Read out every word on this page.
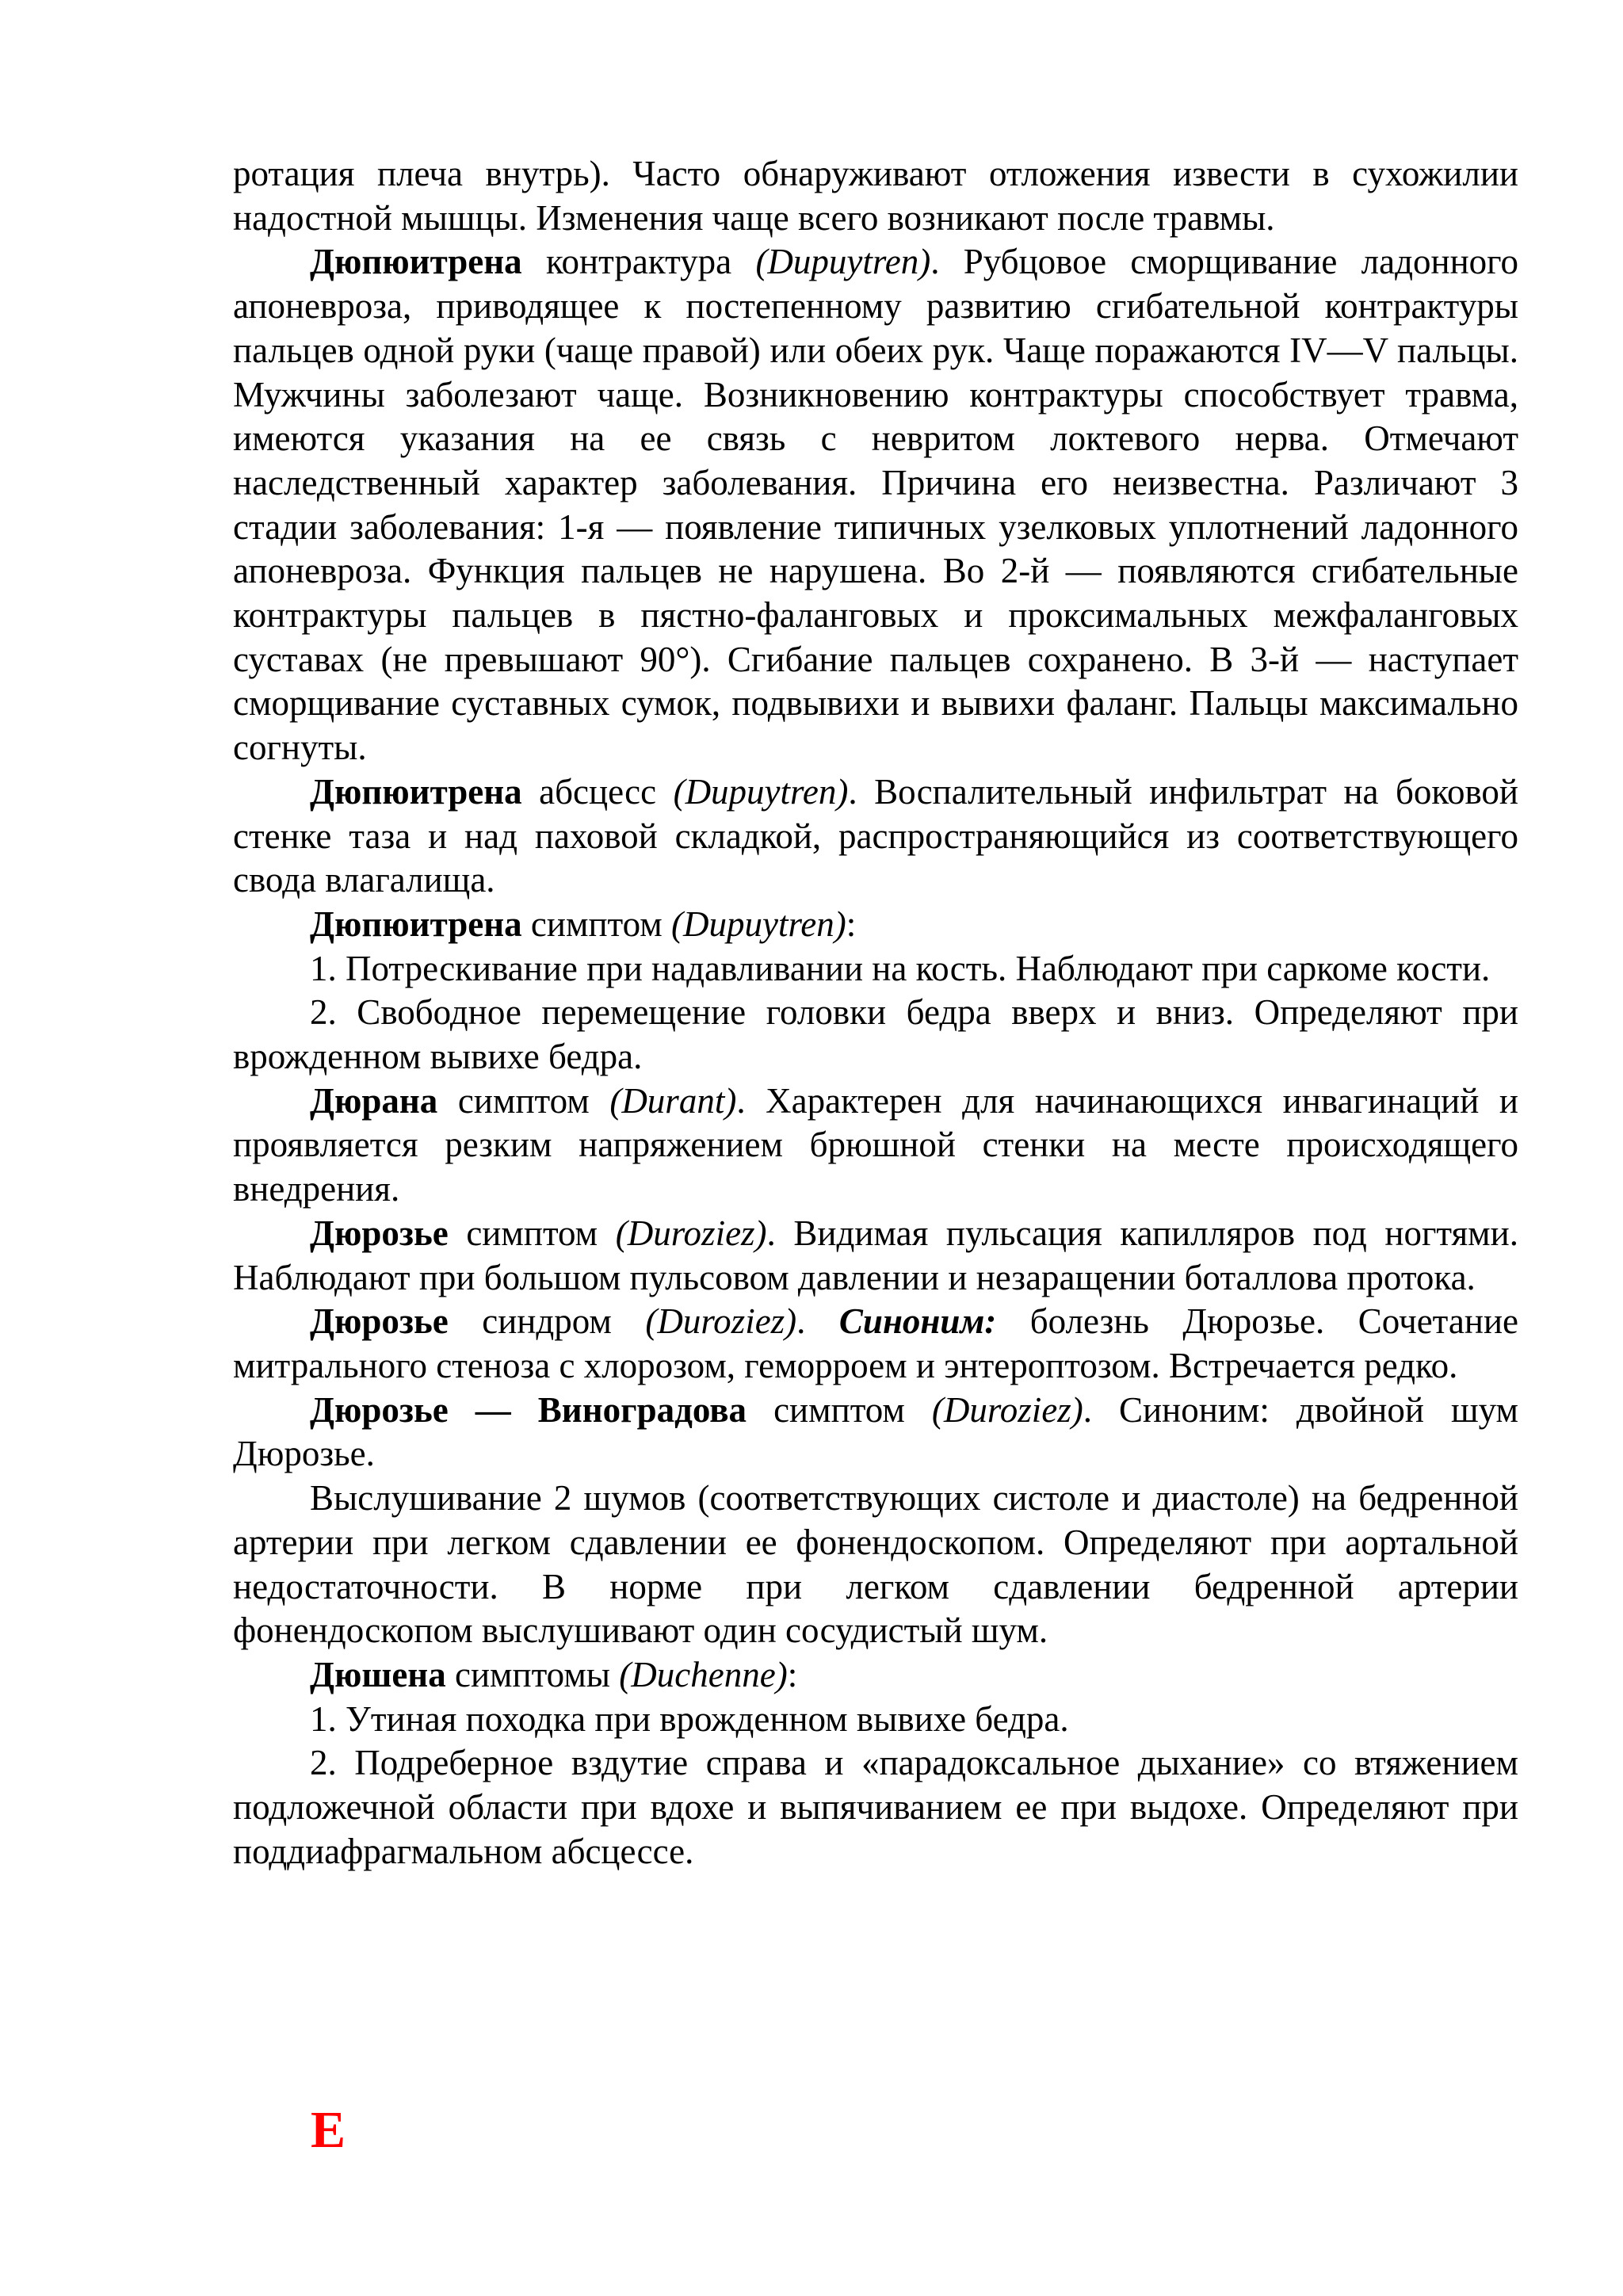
ротация плеча внутрь). Часто обнаруживают отложения извести в сухожилии надостной мышцы. Изменения чаще всего возникают после травмы.

Дюпюитрена контрактура (Dupuytren). Рубцовое сморщивание ладонного апоневроза, приводящее к постепенному развитию сгибательной контрактуры пальцев одной руки (чаще правой) или обеих рук. Чаще поражаются IV—V пальцы. Мужчины заболезают чаще. Возникновению контрактуры способствует травма, имеются указания на ее связь с невритом локтевого нерва. Отмечают наследственный характер заболевания. Причина его неизвестна. Различают 3 стадии заболевания: 1-я — появление типичных узелковых уплотнений ладонного апоневроза. Функция пальцев не нарушена. Во 2-й — появляются сгибательные контрактуры пальцев в пястно-фаланговых и проксимальных межфаланговых суставах (не превышают 90°). Сгибание пальцев сохранено. В 3-й — наступает сморщивание суставных сумок, подвывихи и вывихи фаланг. Пальцы максимально согнуты.

Дюпюитрена абсцесс (Dupuytren). Воспалительный инфильтрат на боковой стенке таза и над паховой складкой, распространяющийся из соответствующего свода влагалища.

Дюпюитрена симптом (Dupuytren):

1. Потрескивание при надавливании на кость. Наблюдают при саркоме кости.

2. Свободное перемещение головки бедра вверх и вниз. Определяют при врожденном вывихе бедра.

Дюрана симптом (Durant). Характерен для начинающихся инвагинаций и проявляется резким напряжением брюшной стенки на месте происходящего внедрения.

Дюрозье симптом (Duroziez). Видимая пульсация капилляров под ногтями. Наблюдают при большом пульсовом давлении и незаращении боталлова протока.

Дюрозье синдром (Duroziez). Синоним: болезнь Дюрозье. Сочетание митрального стеноза с хлорозом, геморроем и энтероптозом. Встречается редко.

Дюрозье — Виноградова симптом (Duroziez). Синоним: двойной шум Дюрозье.

Выслушивание 2 шумов (соответствующих систоле и диастоле) на бедренной артерии при легком сдавлении ее фонендоскопом. Определяют при аортальной недостаточности. В норме при легком сдавлении бедренной артерии фонендоскопом выслушивают один сосудистый шум.

Дюшена симптомы (Duchenne):

1. Утиная походка при врожденном вывихе бедра.

2. Подреберное вздутие справа и «парадоксальное дыхание» со втяжением подложечной области при вдохе и выпячиванием ее при выдохе. Определяют при поддиафрагмальном абсцессе.

Е
